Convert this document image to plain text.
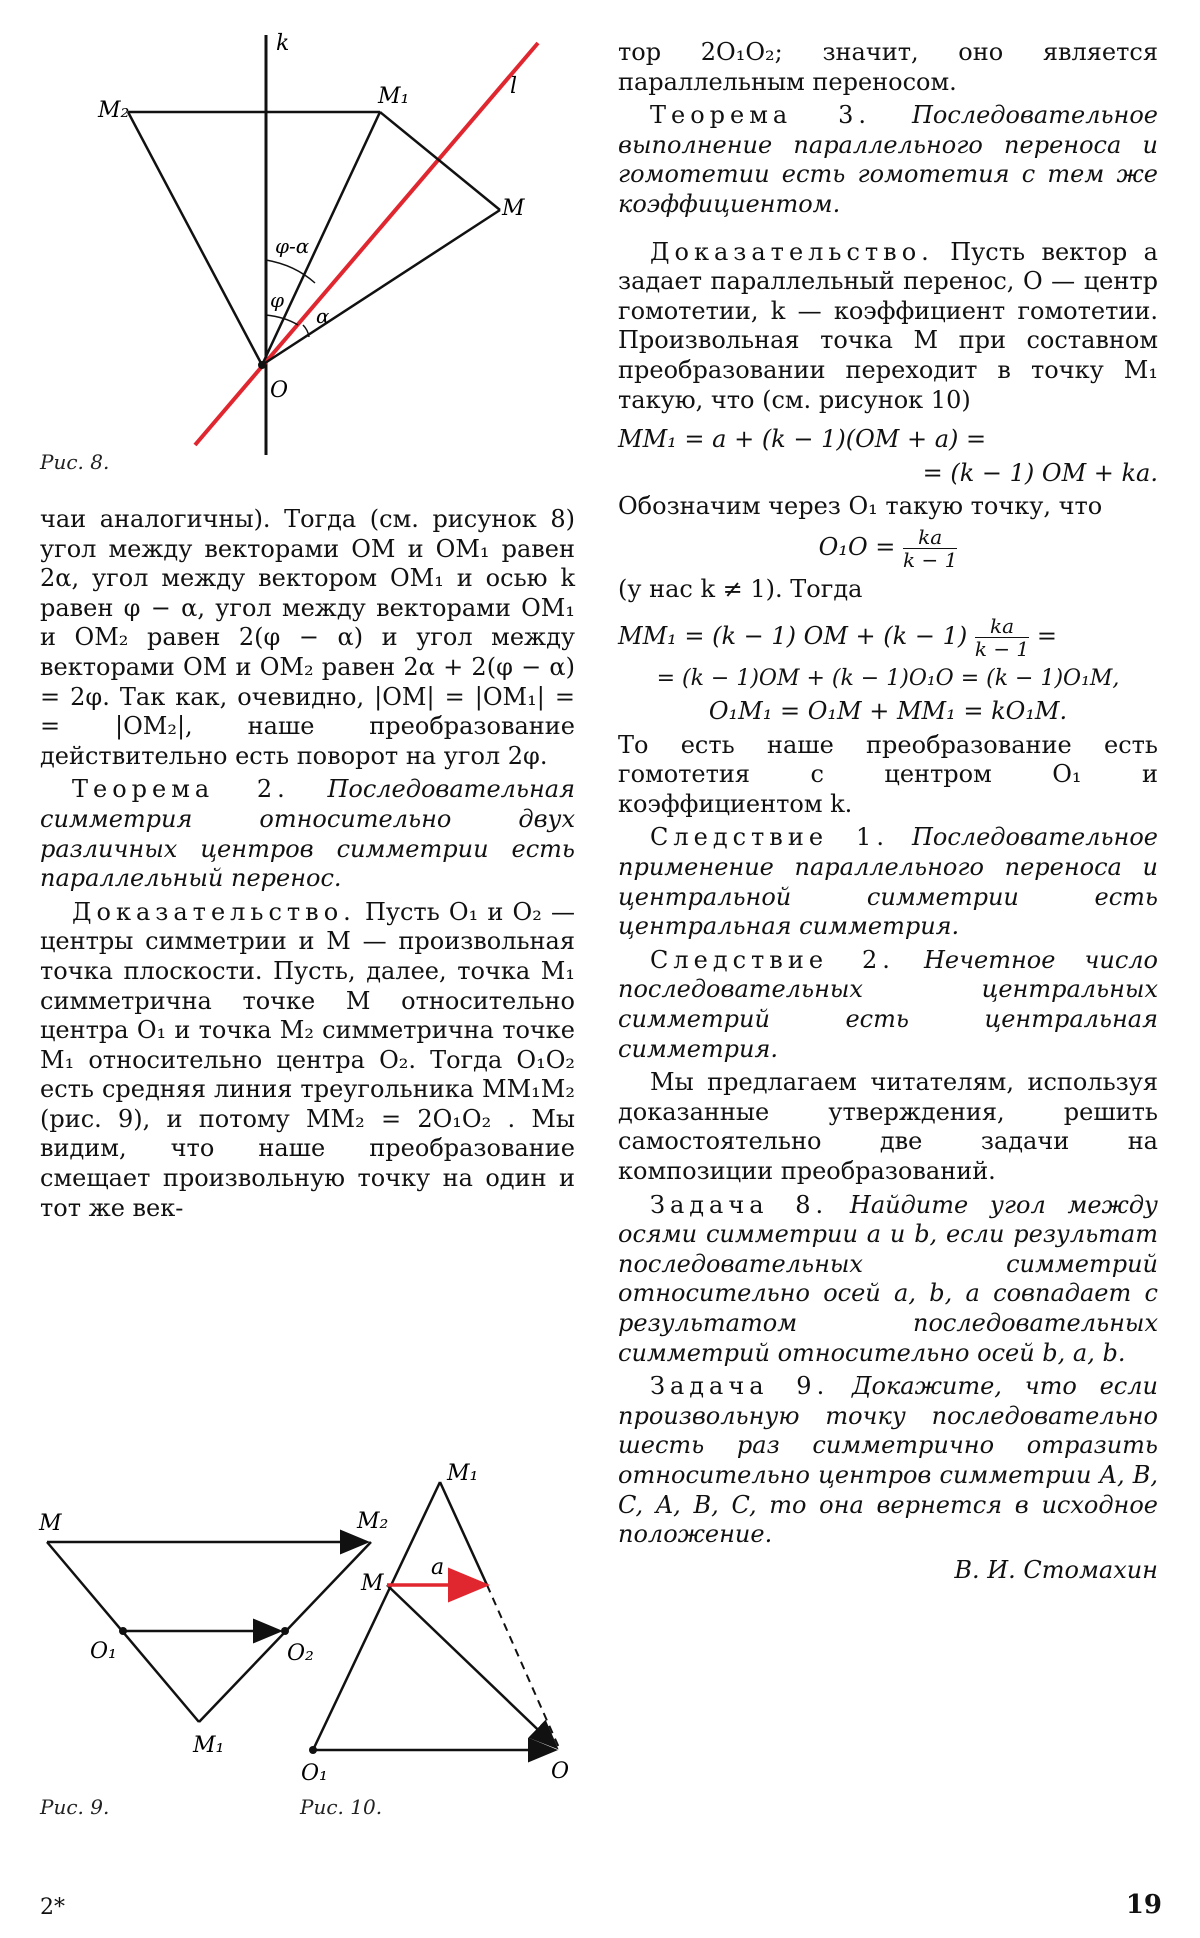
k
l
M₂
M₁
M
O
φ-α
φ
α
Рис. 8.

чаи аналогичны). Тогда (см. рисунок 8) угол между векторами OM и OM₁ равен 2α, угол между вектором OM₁ и осью k равен φ − α, угол между векторами OM₁ и OM₂ равен 2(φ − α) и угол между векторами OM и OM₂ равен 2α + 2(φ − α) = 2φ. Так как, очевидно, |OM| = |OM₁| = = |OM₂|, наше преобразование действительно есть поворот на угол 2φ.

Теорема 2. Последовательная симметрия относительно двух различных центров симметрии есть параллельный перенос.

Доказательство. Пусть O₁ и O₂ — центры симметрии и M — произвольная точка плоскости. Пусть, далее, точка M₁ симметрична точке M относительно центра O₁ и точка M₂ симметрична точке M₁ относительно центра O₂. Тогда O₁O₂ есть средняя линия треугольника MM₁M₂ (рис. 9), и потому MM₂ = 2O₁O₂ . Мы видим, что наше преобразование смещает произвольную точку на один и тот же век-

M	M₂
O₁	O₂
M₁
Рис. 9.
M₁
M
a
O₁	O
Рис. 10.

тор 2O₁O₂; значит, оно является параллельным переносом.

Теорема 3. Последовательное выполнение параллельного переноса и гомотетии есть гомотетия с тем же коэффициентом.

Доказательство. Пусть вектор a задает параллельный перенос, O — центр гомотетии, k — коэффициент гомотетии. Произвольная точка M при составном преобразовании переходит в точку M₁ такую, что (см. рисунок 10)

MM₁ = a + (k − 1)(OM + a) =
= (k − 1) OM + ka.

Обозначим через O₁ такую точку, что

$O_1O = \frac{ka}{k - 1}$

(у нас k ≠ 1). Тогда

MM₁ = (k − 1) OM + $(k - 1) \frac{ka}{k - 1}$ =
= (k − 1)OM + (k − 1)O₁O = (k − 1)O₁M,
O₁M₁ = O₁M + MM₁ = kO₁M.

То есть наше преобразование есть гомотетия с центром O₁ и коэффициентом k.

Следствие 1. Последовательное применение параллельного переноса и центральной симметрии есть центральная симметрия.

Следствие 2. Нечетное число последовательных центральных симметрий есть центральная симметрия.

Мы предлагаем читателям, используя доказанные утверждения, решить самостоятельно две задачи на композиции преобразований.

Задача 8. Найдите угол между осями симметрии a и b, если результат последовательных симметрий относительно осей a, b, a совпадает с результатом последовательных симметрий относительно осей b, a, b.

Задача 9. Докажите, что если произвольную точку последовательно шесть раз симметрично отразить относительно центров симметрии A, B, C, A, B, C, то она вернется в исходное положение.

В. И. Стомахин
2*	19
